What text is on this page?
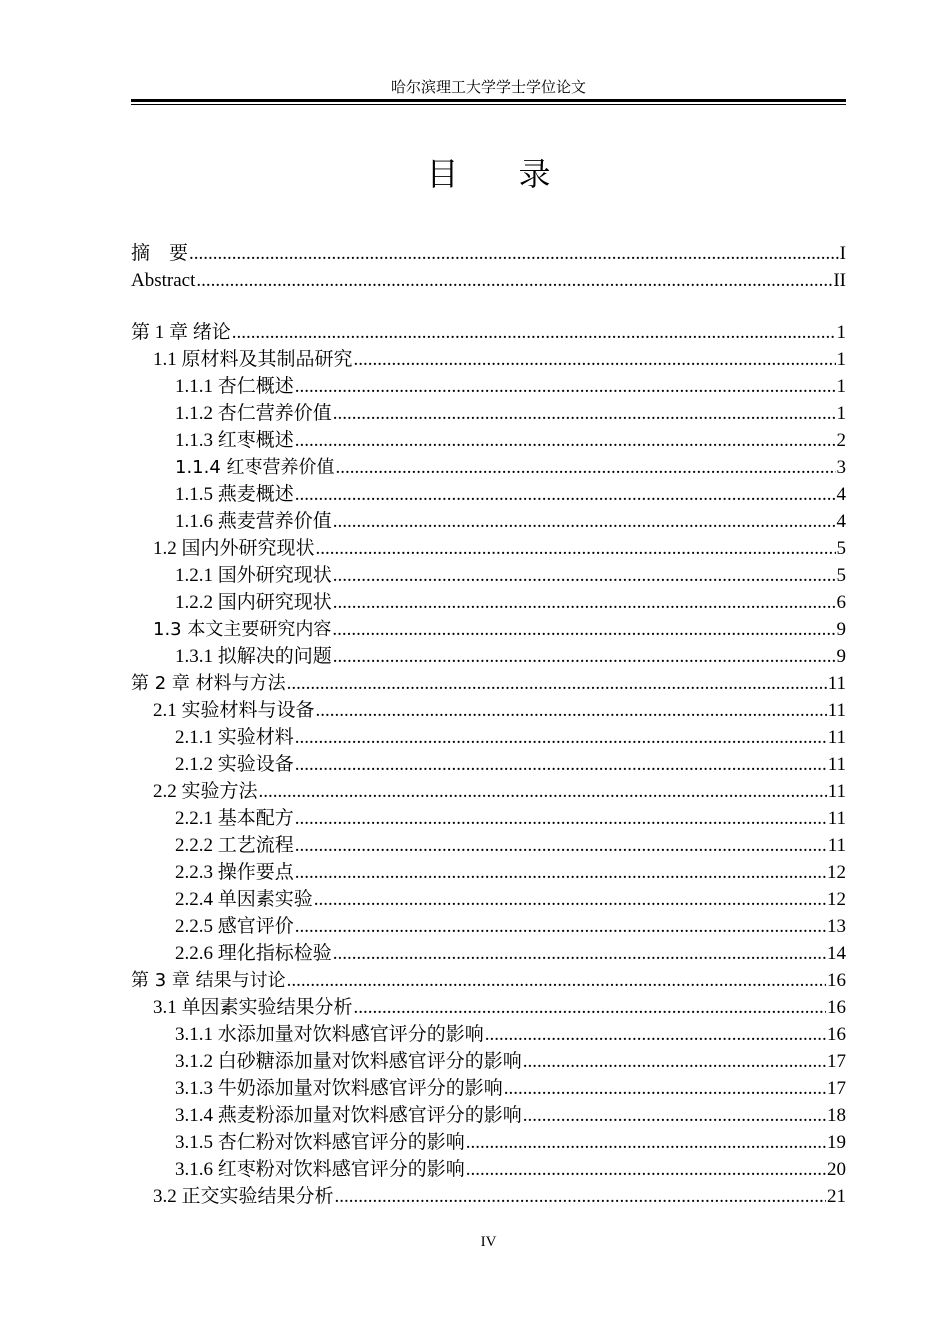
哈尔滨理工大学学士学位论文
目 录
摘　要 .....	I
Abstract .....	II
第 1 章 绪论 .....	1
1.1 原材料及其制品研究 .....	1
1.1.1 杏仁概述 .....	1
1.1.2 杏仁营养价值 .....	1
1.1.3 红枣概述 .....	2
1.1.4 红枣营养价值 .....	3
1.1.5 燕麦概述 .....	4
1.1.6 燕麦营养价值 .....	4
1.2 国内外研究现状 .....	5
1.2.1 国外研究现状 .....	5
1.2.2 国内研究现状 .....	6
1.3 本文主要研究内容 .....	9
1.3.1 拟解决的问题 .....	9
第 2 章 材料与方法 .....	11
2.1 实验材料与设备 .....	11
2.1.1 实验材料 .....	11
2.1.2 实验设备 .....	11
2.2 实验方法 .....	11
2.2.1 基本配方 .....	11
2.2.2 工艺流程 .....	11
2.2.3 操作要点 .....	12
2.2.4 单因素实验 .....	12
2.2.5 感官评价 .....	13
2.2.6 理化指标检验 .....	14
第 3 章 结果与讨论 .....	16
3.1 单因素实验结果分析 .....	16
3.1.1 水添加量对饮料感官评分的影响 .....	16
3.1.2 白砂糖添加量对饮料感官评分的影响 .....	17
3.1.3 牛奶添加量对饮料感官评分的影响 .....	17
3.1.4 燕麦粉添加量对饮料感官评分的影响 .....	18
3.1.5 杏仁粉对饮料感官评分的影响 .....	19
3.1.6 红枣粉对饮料感官评分的影响 .....	20
3.2 正交实验结果分析 .....	21
IV
